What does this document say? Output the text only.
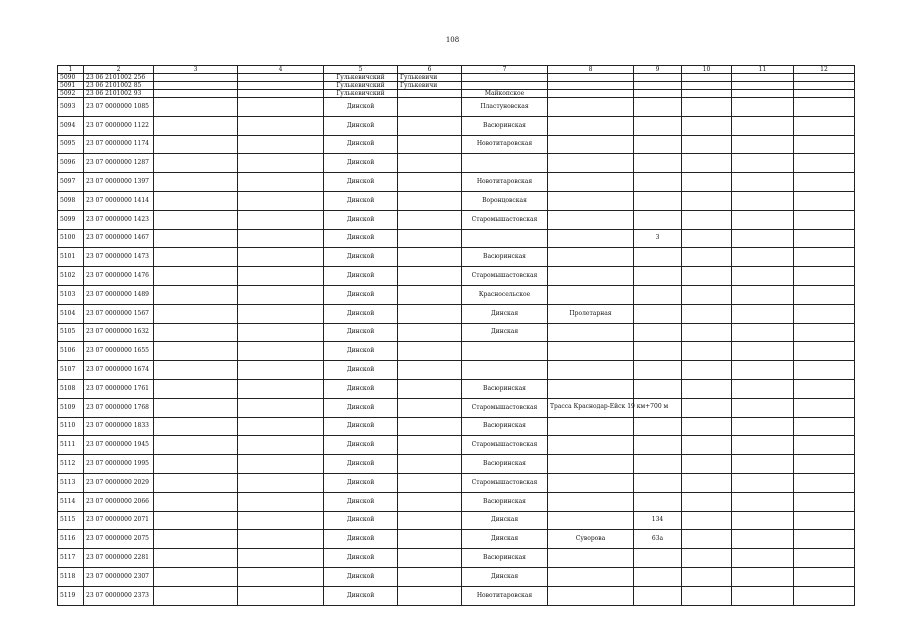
108
1	2	3	4	5	6	7	8	9	10	11	12
5090	23 06 2101002 256			Гулькевичский	Гулькевичи						
5091	23 06 2101002 85			Гулькевичский	Гулькевичи						
5092	23 06 2101002 93			Гулькевичский		Майкопское					
5093	23 07 0000000 1085			Динской		Пластуновская					
5094	23 07 0000000 1122			Динской		Васюринская					
5095	23 07 0000000 1174			Динской		Новотитаровская					
5096	23 07 0000000 1287			Динской							
5097	23 07 0000000 1397			Динской		Новотитаровская					
5098	23 07 0000000 1414			Динской		Воронцовская					
5099	23 07 0000000 1423			Динской		Старомышастовская					
5100	23 07 0000000 1467			Динской				3			
5101	23 07 0000000 1473			Динской		Васюринская					
5102	23 07 0000000 1476			Динской		Старомышастовская					
5103	23 07 0000000 1489			Динской		Красносельское					
5104	23 07 0000000 1567			Динской		Динская	Пролетарная				
5105	23 07 0000000 1632			Динской		Динская					
5106	23 07 0000000 1655			Динской							
5107	23 07 0000000 1674			Динской							
5108	23 07 0000000 1761			Динской		Васюринская					
5109	23 07 0000000 1768			Динской		Старомышастовская	Трасса Краснодар-Ейск 19 км+700 м				
5110	23 07 0000000 1833			Динской		Васюринская					
5111	23 07 0000000 1945			Динской		Старомышастовская					
5112	23 07 0000000 1995			Динской		Васюринская					
5113	23 07 0000000 2029			Динской		Старомышастовская					
5114	23 07 0000000 2066			Динской		Васюринская					
5115	23 07 0000000 2071			Динской		Динская		134			
5116	23 07 0000000 2075			Динской		Динская	Суворова	63а			
5117	23 07 0000000 2281			Динской		Васюринская					
5118	23 07 0000000 2307			Динской		Динская					
5119	23 07 0000000 2373			Динской		Новотитаровская					
